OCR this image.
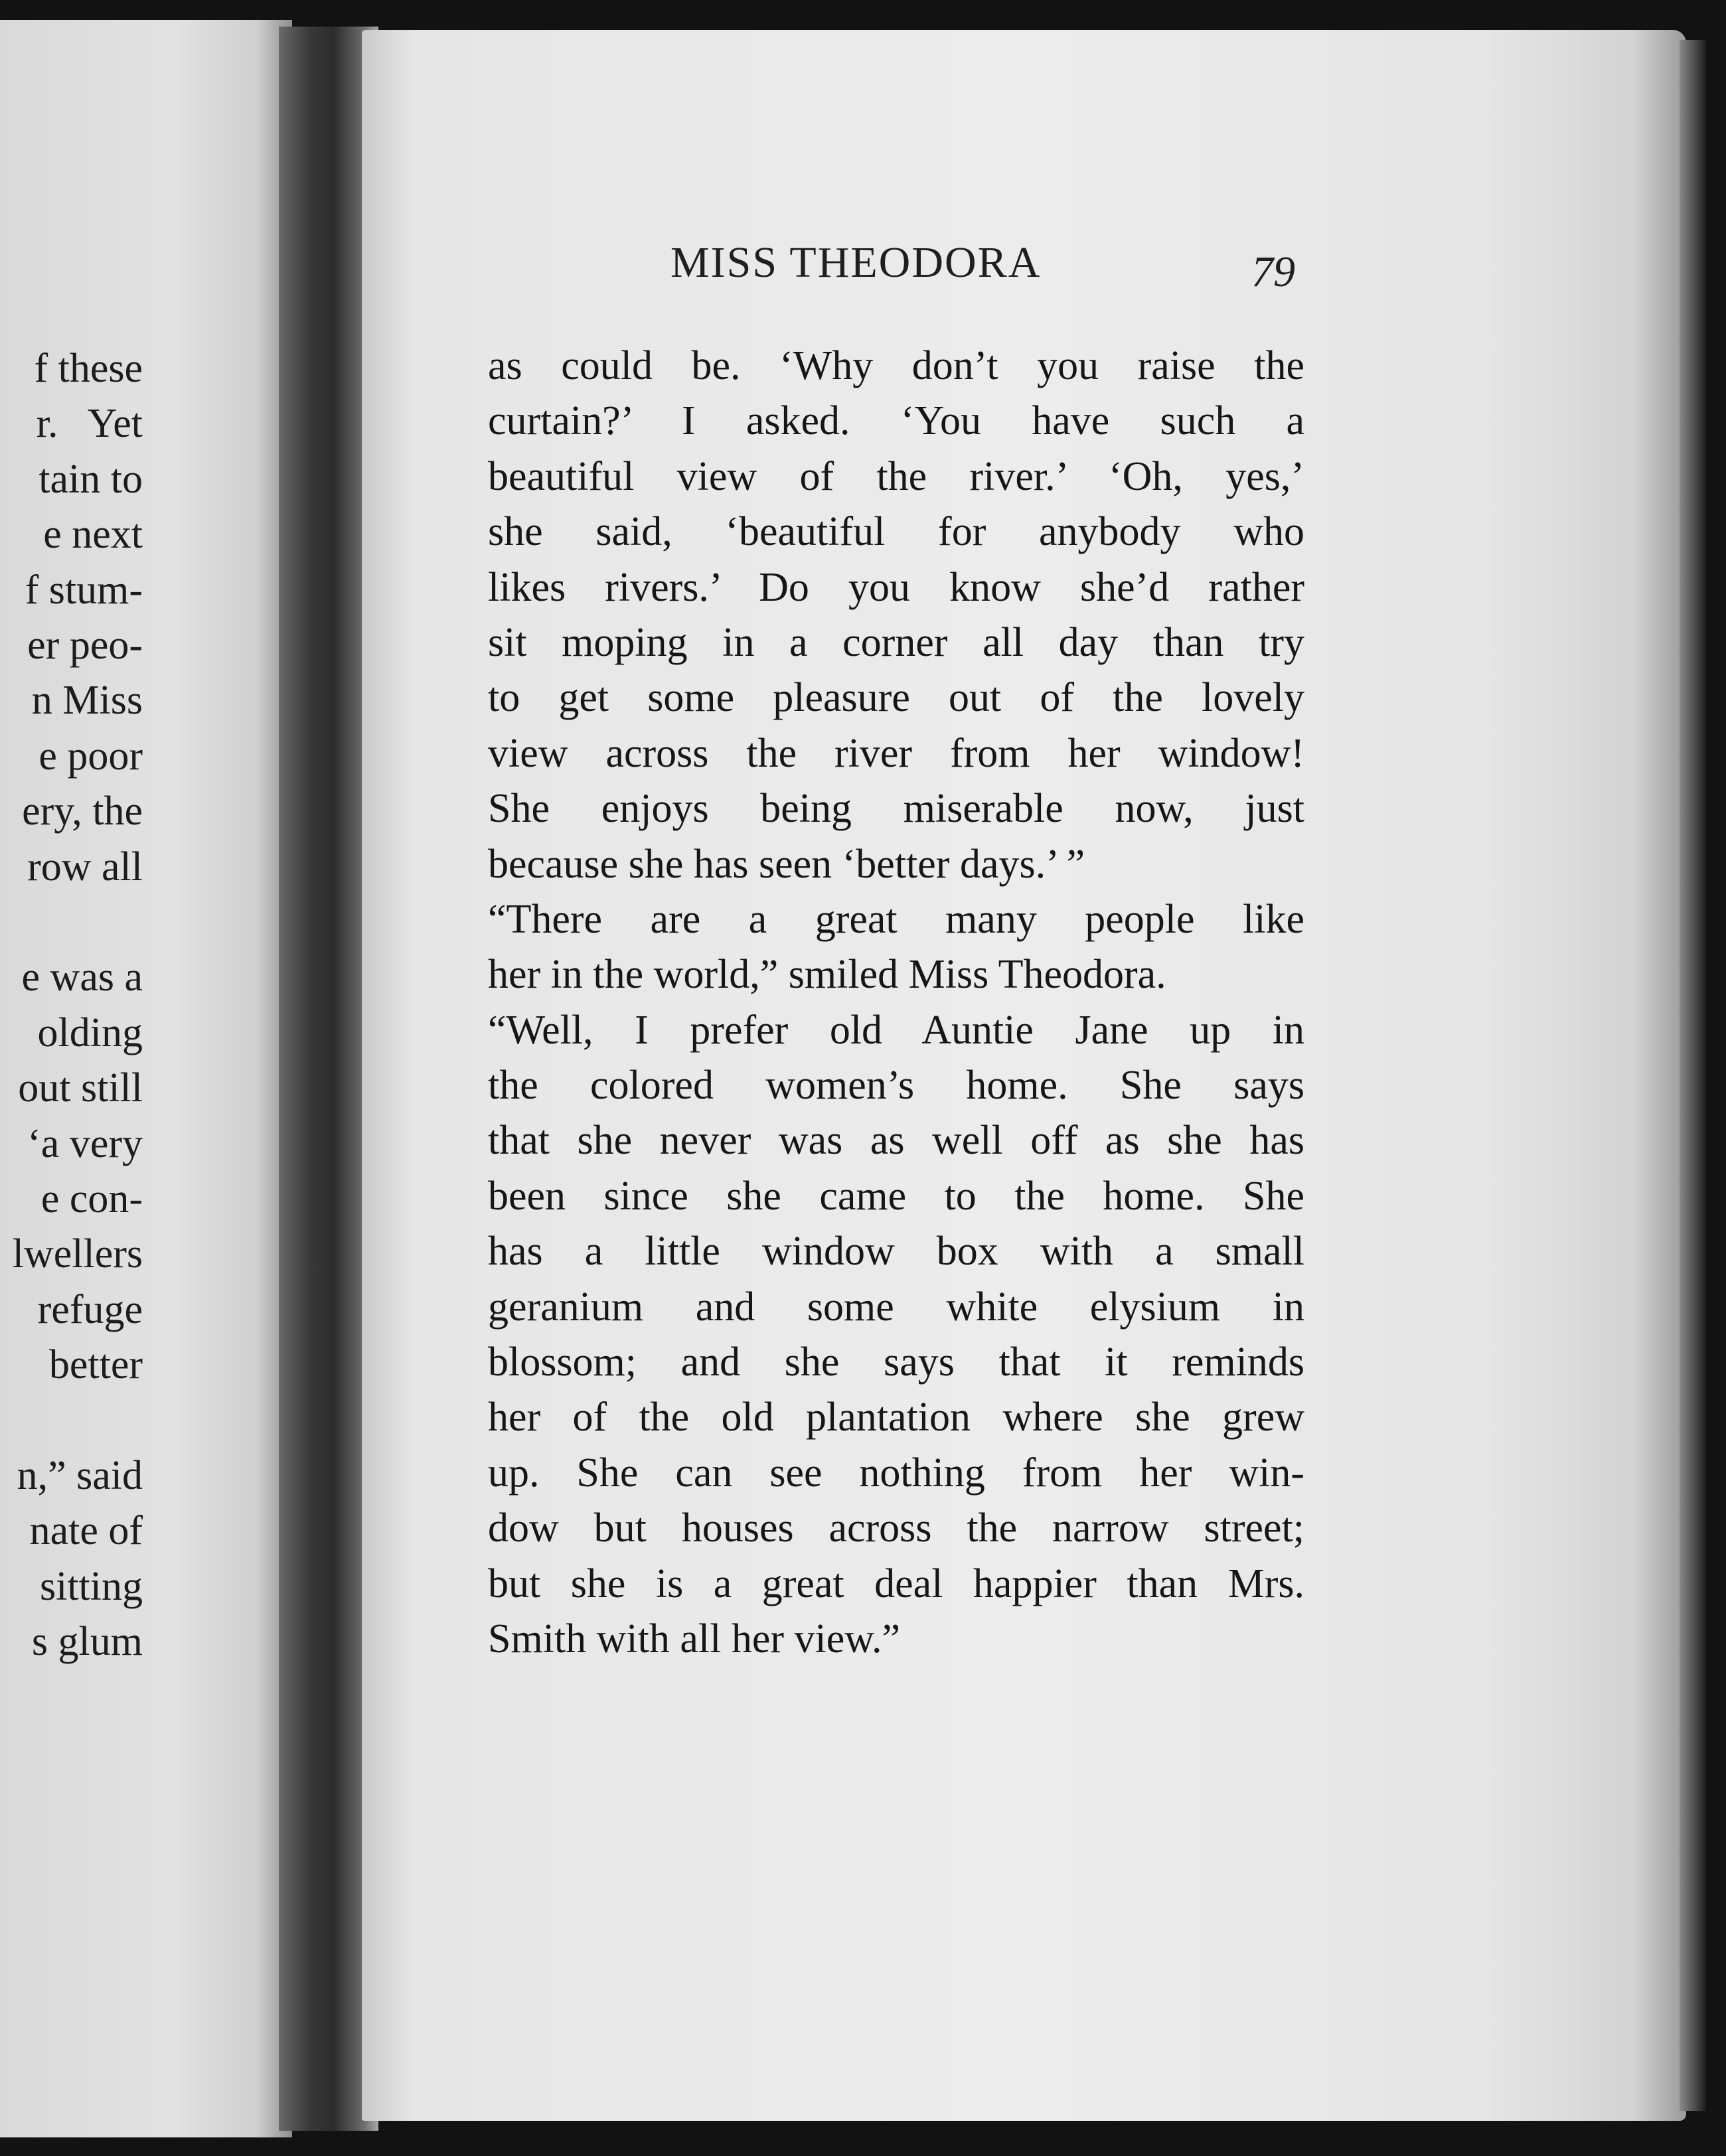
f these
r.   Yet
tain to
e next
f stum-
er peo-
n Miss
e poor
ery, the
row all
e was a
olding
out still
‘a very
e con-
lwellers
refuge
better
n,” said
nate of
sitting
s glum
MISS THEODORA	79
as could be. ‘Why don’t you raise the
curtain?’ I asked. ‘You have such a
beautiful view of the river.’ ‘Oh, yes,’
she said, ‘beautiful for anybody who
likes rivers.’ Do you know she’d rather
sit moping in a corner all day than try
to get some pleasure out of the lovely
view across the river from her window!
She enjoys being miserable now, just
because she has seen ‘better days.’ ”
“There are a great many people like
her in the world,” smiled Miss Theodora.
“Well, I prefer old Auntie Jane up in
the colored women’s home. She says
that she never was as well off as she has
been since she came to the home. She
has a little window box with a small
geranium and some white elysium in
blossom; and she says that it reminds
her of the old plantation where she grew
up. She can see nothing from her win-
dow but houses across the narrow street;
but she is a great deal happier than Mrs.
Smith with all her view.”
